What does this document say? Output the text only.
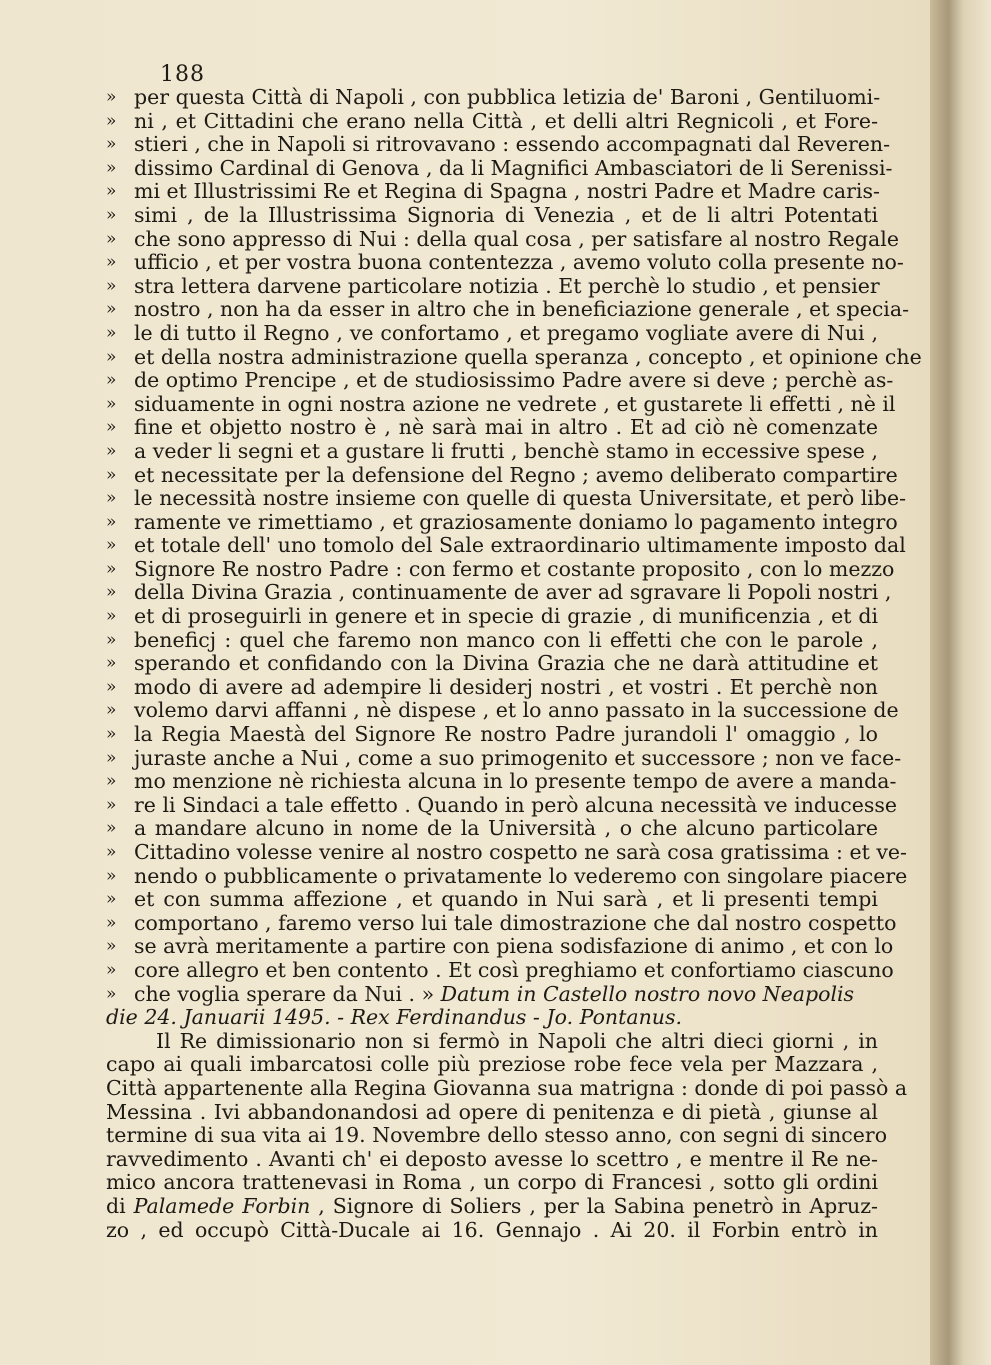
188
» per questa Città di Napoli , con pubblica letizia de' Baroni , Gentiluomi-
» ni , et Cittadini che erano nella Città , et delli altri Regnicoli , et Fore-
» stieri , che in Napoli si ritrovavano : essendo accompagnati dal Reveren-
» dissimo Cardinal di Genova , da li Magnifici Ambasciatori de li Serenissi-
» mi et Illustrissimi Re et Regina di Spagna , nostri Padre et Madre caris-
» simi , de la Illustrissima Signoria di Venezia , et de li altri Potentati
» che sono appresso di Nui : della qual cosa , per satisfare al nostro Regale
» ufficio , et per vostra buona contentezza , avemo voluto colla presente no-
» stra lettera darvene particolare notizia . Et perchè lo studio , et pensier
» nostro , non ha da esser in altro che in beneficiazione generale , et specia-
» le di tutto il Regno , ve confortamo , et pregamo vogliate avere di Nui ,
» et della nostra administrazione quella speranza , concepto , et opinione che
» de optimo Prencipe , et de studiosissimo Padre avere si deve ; perchè as-
» siduamente in ogni nostra azione ne vedrete , et gustarete li effetti , nè il
» fine et objetto nostro è , nè sarà mai in altro . Et ad ciò nè comenzate
» a veder li segni et a gustare li frutti , benchè stamo in eccessive spese ,
» et necessitate per la defensione del Regno ; avemo deliberato compartire
» le necessità nostre insieme con quelle di questa Universitate, et però libe-
» ramente ve rimettiamo , et graziosamente doniamo lo pagamento integro
» et totale dell' uno tomolo del Sale extraordinario ultimamente imposto dal
» Signore Re nostro Padre : con fermo et costante proposito , con lo mezzo
» della Divina Grazia , continuamente de aver ad sgravare li Popoli nostri ,
» et di proseguirli in genere et in specie di grazie , di munificenzia , et di
» beneficj : quel che faremo non manco con li effetti che con le parole ,
» sperando et confidando con la Divina Grazia che ne darà attitudine et
» modo di avere ad adempire li desiderj nostri , et vostri . Et perchè non
» volemo darvi affanni , nè dispese , et lo anno passato in la successione de
» la Regia Maestà del Signore Re nostro Padre jurandoli l' omaggio , lo
» juraste anche a Nui , come a suo primogenito et successore ; non ve face-
» mo menzione nè richiesta alcuna in lo presente tempo de avere a manda-
» re li Sindaci a tale effetto . Quando in però alcuna necessità ve inducesse
» a mandare alcuno in nome de la Università , o che alcuno particolare
» Cittadino volesse venire al nostro cospetto ne sarà cosa gratissima : et ve-
» nendo o pubblicamente o privatamente lo vederemo con singolare piacere
» et con summa affezione , et quando in Nui sarà , et li presenti tempi
» comportano , faremo verso lui tale dimostrazione che dal nostro cospetto
» se avrà meritamente a partire con piena sodisfazione di animo , et con lo
» core allegro et ben contento . Et così preghiamo et confortiamo ciascuno
» che voglia sperare da Nui . » Datum in Castello nostro novo Neapolis
die 24. Januarii 1495. - Rex Ferdinandus - Jo. Pontanus.
Il Re dimissionario non si fermò in Napoli che altri dieci giorni , in
capo ai quali imbarcatosi colle più preziose robe fece vela per Mazzara ,
Città appartenente alla Regina Giovanna sua matrigna : donde di poi passò a
Messina . Ivi abbandonandosi ad opere di penitenza e di pietà , giunse al
termine di sua vita ai 19. Novembre dello stesso anno, con segni di sincero
ravvedimento . Avanti ch' ei deposto avesse lo scettro , e mentre il Re ne-
mico ancora trattenevasi in Roma , un corpo di Francesi , sotto gli ordini
di Palamede Forbin , Signore di Soliers , per la Sabina penetrò in Apruz-
zo , ed occupò Città-Ducale ai 16. Gennajo . Ai 20. il Forbin entrò in
